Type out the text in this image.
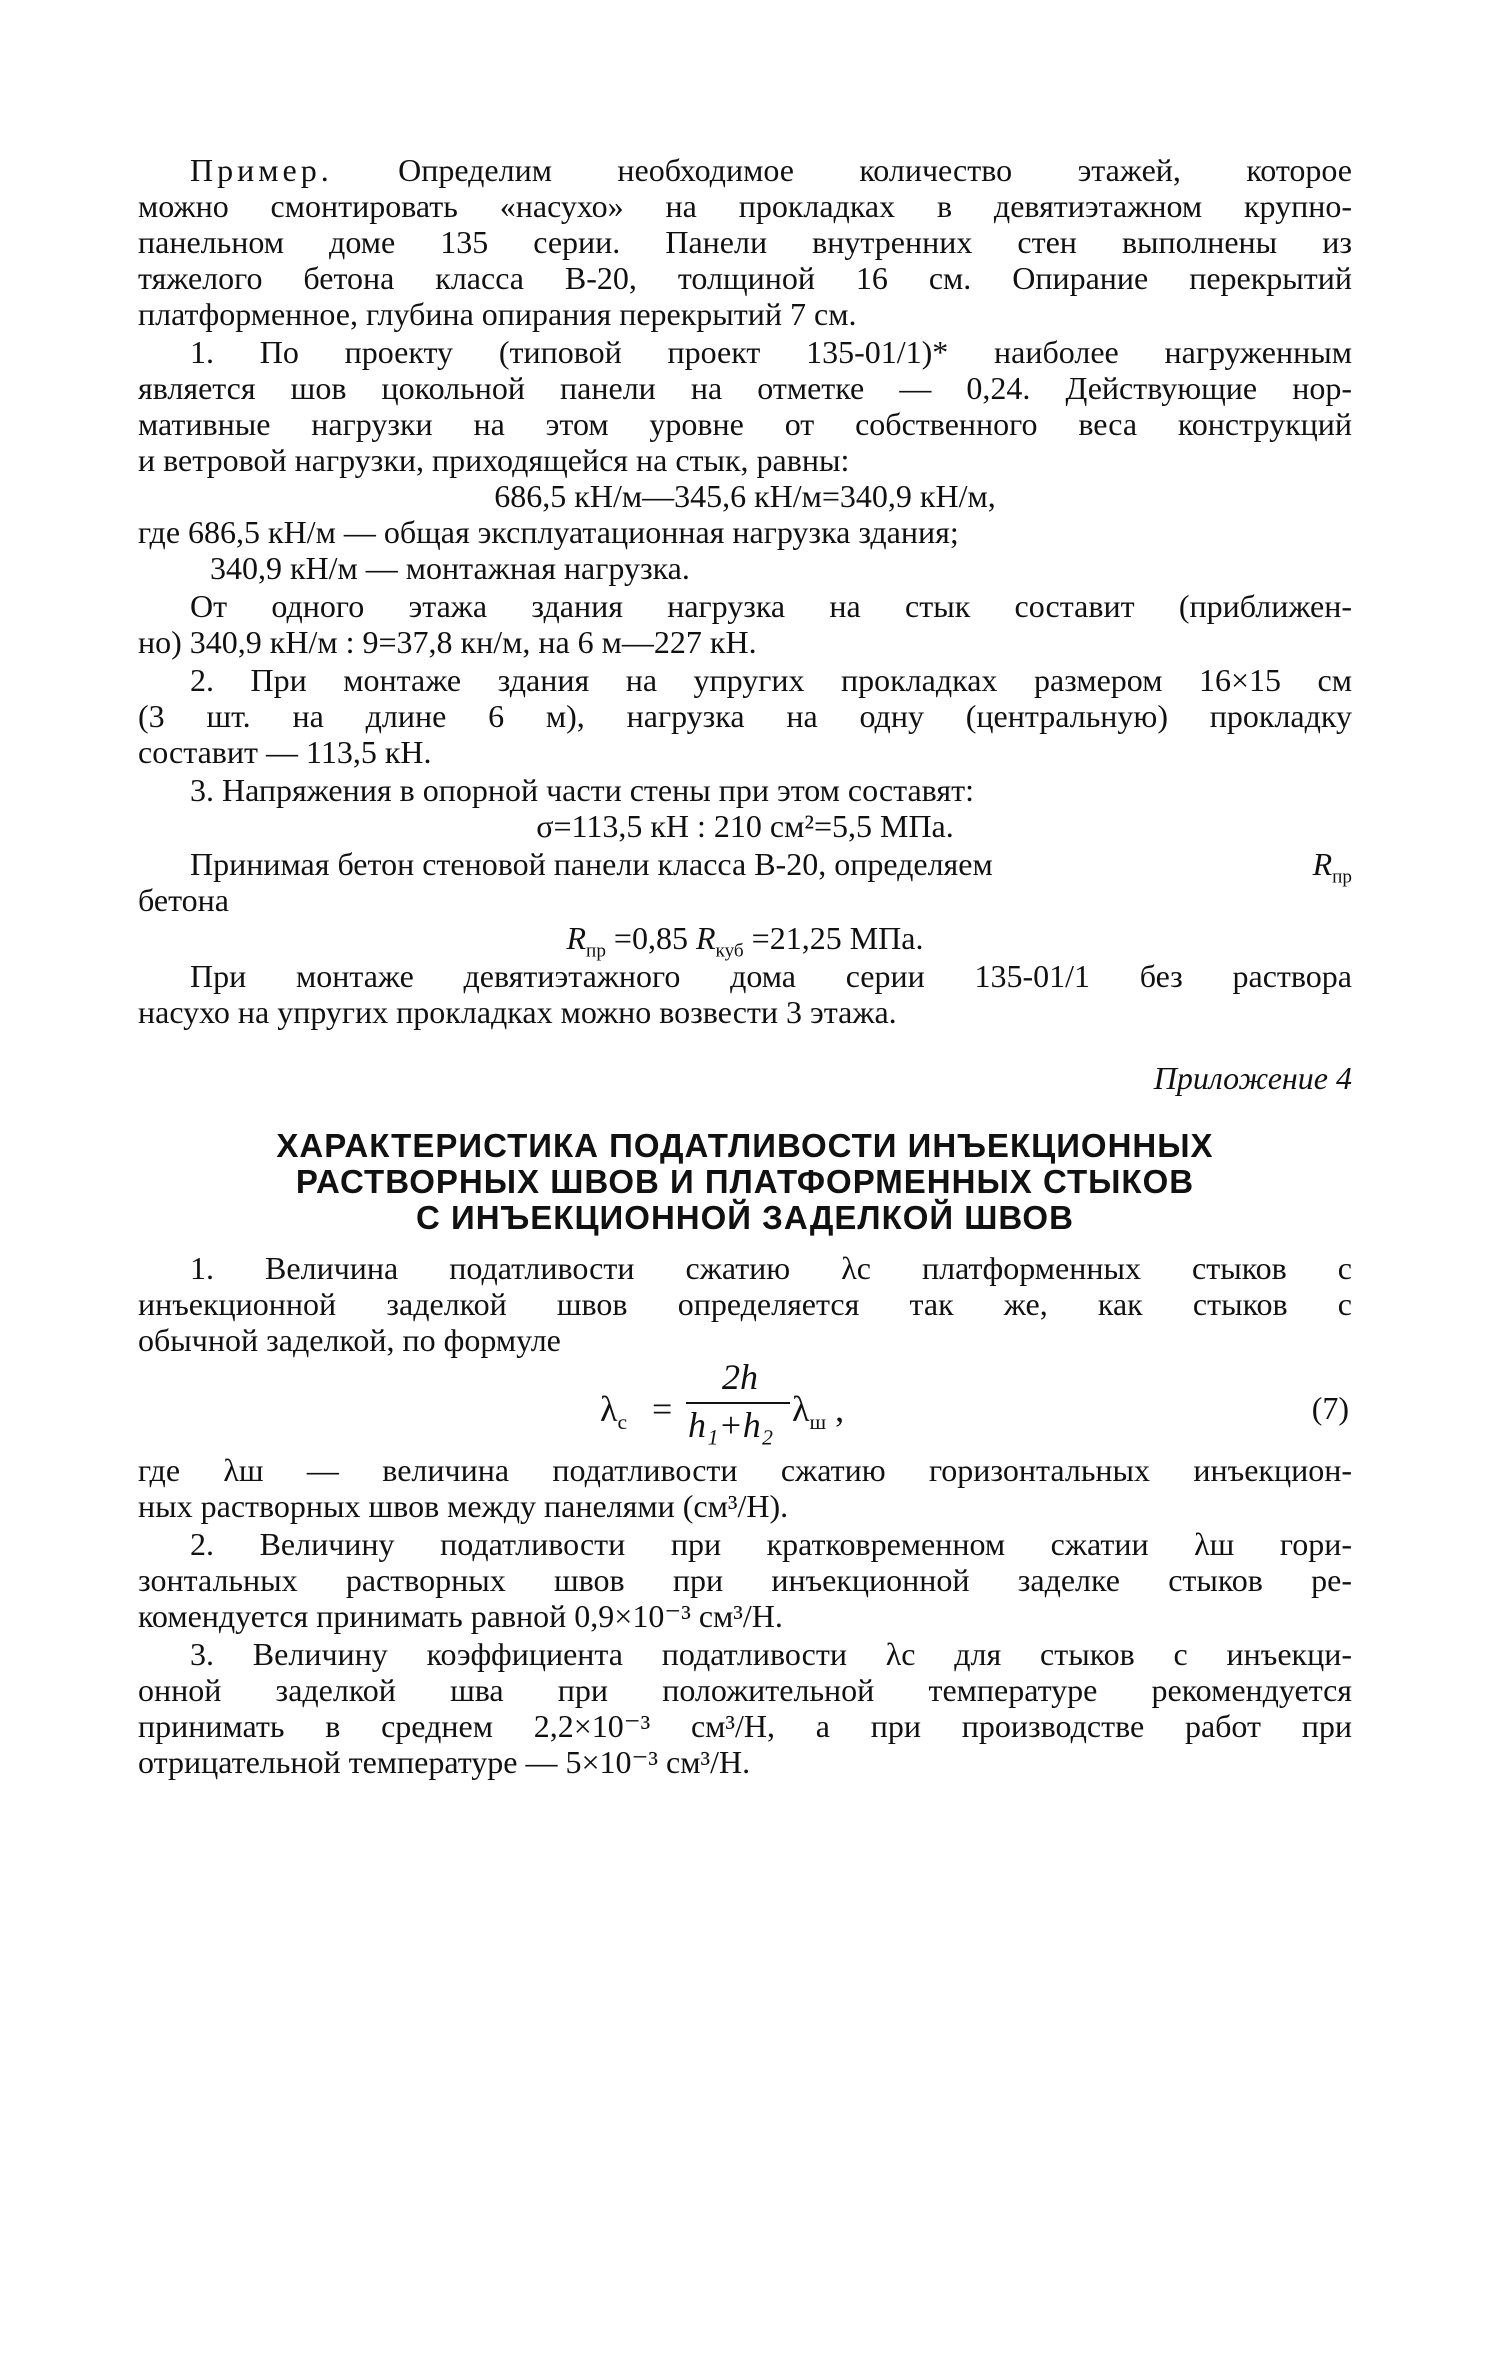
Пример. Определим необходимое количество этажей, которое

можно смонтировать «насухо» на прокладках в девятиэтажном крупно-

панельном доме 135 серии. Панели внутренних стен выполнены из

тяжелого бетона класса В-20, толщиной 16 см. Опирание перекрытий

платформенное, глубина опирания перекрытий 7 см.

1. По проекту (типовой проект 135-01/1)* наиболее нагруженным

является шов цокольной панели на отметке — 0,24. Действующие нор-

мативные нагрузки на этом уровне от собственного веса конструкций

и ветровой нагрузки, приходящейся на стык, равны:

686,5 кН/м—345,6 кН/м=340,9 кН/м,

где 686,5 кН/м — общая эксплуатационная нагрузка здания;

340,9 кН/м — монтажная нагрузка.

От одного этажа здания нагрузка на стык составит (приближен-

но) 340,9 кН/м : 9=37,8 кн/м, на 6 м—227 кН.

2. При монтаже здания на упругих прокладках размером 16×15 см

(3 шт. на длине 6 м), нагрузка на одну (центральную) прокладку

составит — 113,5 кН.

3. Напряжения в опорной части стены при этом составят:

σ=113,5 кН : 210 см²=5,5 МПа.

Принимая бетон стеновой панели класса В-20, определяем	$R_{пр}$

бетона

$R_{пр} =0,85$ $R_{куб} =21,25$ МПа.

При монтаже девятиэтажного дома серии 135-01/1 без раствора

насухо на упругих прокладках можно возвести 3 этажа.

Приложение 4

ХАРАКТЕРИСТИКА ПОДАТЛИВОСТИ ИНЪЕКЦИОННЫХ

РАСТВОРНЫХ ШВОВ И ПЛАТФОРМЕННЫХ СТЫКОВ

С ИНЪЕКЦИОННОЙ ЗАДЕЛКОЙ ШВОВ

1. Величина податливости сжатию λc платформенных стыков с

инъекционной заделкой швов определяется так же, как стыков с

обычной заделкой, по формуле

$\lambda_с$ =
2h
h₁+h₂ $\lambda_ш$ ,	(7)

где λш — величина податливости сжатию горизонтальных инъекцион-

ных растворных швов между панелями (см³/Н).

2. Величину податливости при кратковременном сжатии λш гори-

зонтальных растворных швов при инъекционной заделке стыков ре-

комендуется принимать равной 0,9×10⁻³ см³/Н.

3. Величину коэффициента податливости λc для стыков с инъекци-

онной заделкой шва при положительной температуре рекомендуется

принимать в среднем 2,2×10⁻³ см³/Н, а при производстве работ при

отрицательной температуре — 5×10⁻³ см³/Н.
